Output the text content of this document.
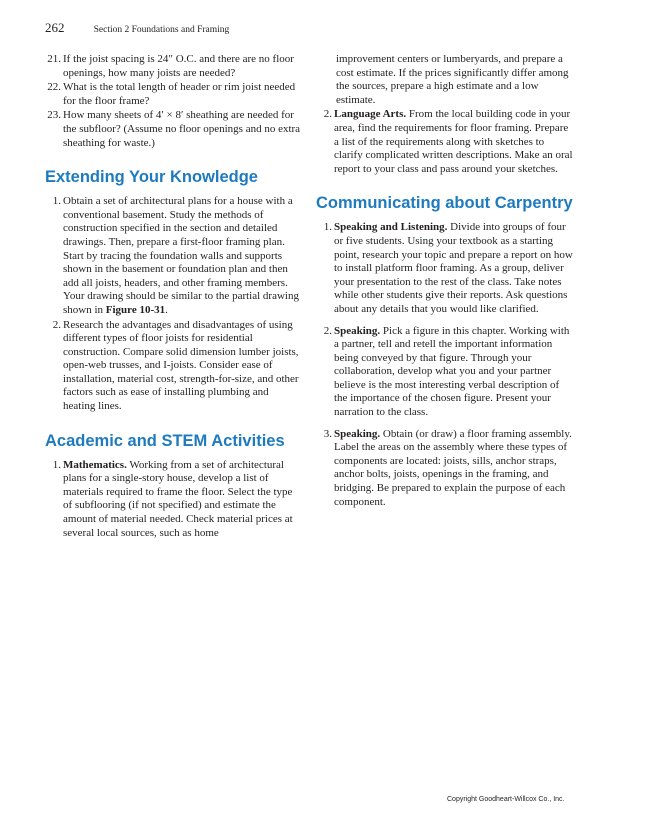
262	Section 2 Foundations and Framing
21. If the joist spacing is 24″ O.C. and there are no floor openings, how many joists are needed?
22. What is the total length of header or rim joist needed for the floor frame?
23. How many sheets of 4′ × 8′ sheathing are needed for the subfloor? (Assume no floor openings and no extra sheathing for waste.)
Extending Your Knowledge
1. Obtain a set of architectural plans for a house with a conventional basement. Study the methods of construction specified in the section and detailed drawings. Then, prepare a first-floor framing plan. Start by tracing the foundation walls and supports shown in the basement or foundation plan and then add all joists, headers, and other framing members. Your drawing should be similar to the partial drawing shown in Figure 10-31.
2. Research the advantages and disadvantages of using different types of floor joists for residential construction. Compare solid dimension lumber joists, open-web trusses, and I-joists. Consider ease of installation, material cost, strength-for-size, and other factors such as ease of installing plumbing and heating lines.
Academic and STEM Activities
1. Mathematics. Working from a set of architectural plans for a single-story house, develop a list of materials required to frame the floor. Select the type of subflooring (if not specified) and estimate the amount of material needed. Check material prices at several local sources, such as home
improvement centers or lumberyards, and prepare a cost estimate. If the prices significantly differ among the sources, prepare a high estimate and a low estimate.
2. Language Arts. From the local building code in your area, find the requirements for floor framing. Prepare a list of the requirements along with sketches to clarify complicated written descriptions. Make an oral report to your class and pass around your sketches.
Communicating about Carpentry
1. Speaking and Listening. Divide into groups of four or five students. Using your textbook as a starting point, research your topic and prepare a report on how to install platform floor framing. As a group, deliver your presentation to the rest of the class. Take notes while other students give their reports. Ask questions about any details that you would like clarified.
2. Speaking. Pick a figure in this chapter. Working with a partner, tell and retell the important information being conveyed by that figure. Through your collaboration, develop what you and your partner believe is the most interesting verbal description of the importance of the chosen figure. Present your narration to the class.
3. Speaking. Obtain (or draw) a floor framing assembly. Label the areas on the assembly where these types of components are located: joists, sills, anchor straps, anchor bolts, joists, openings in the framing, and bridging. Be prepared to explain the purpose of each component.
Copyright Goodheart-Willcox Co., Inc.
